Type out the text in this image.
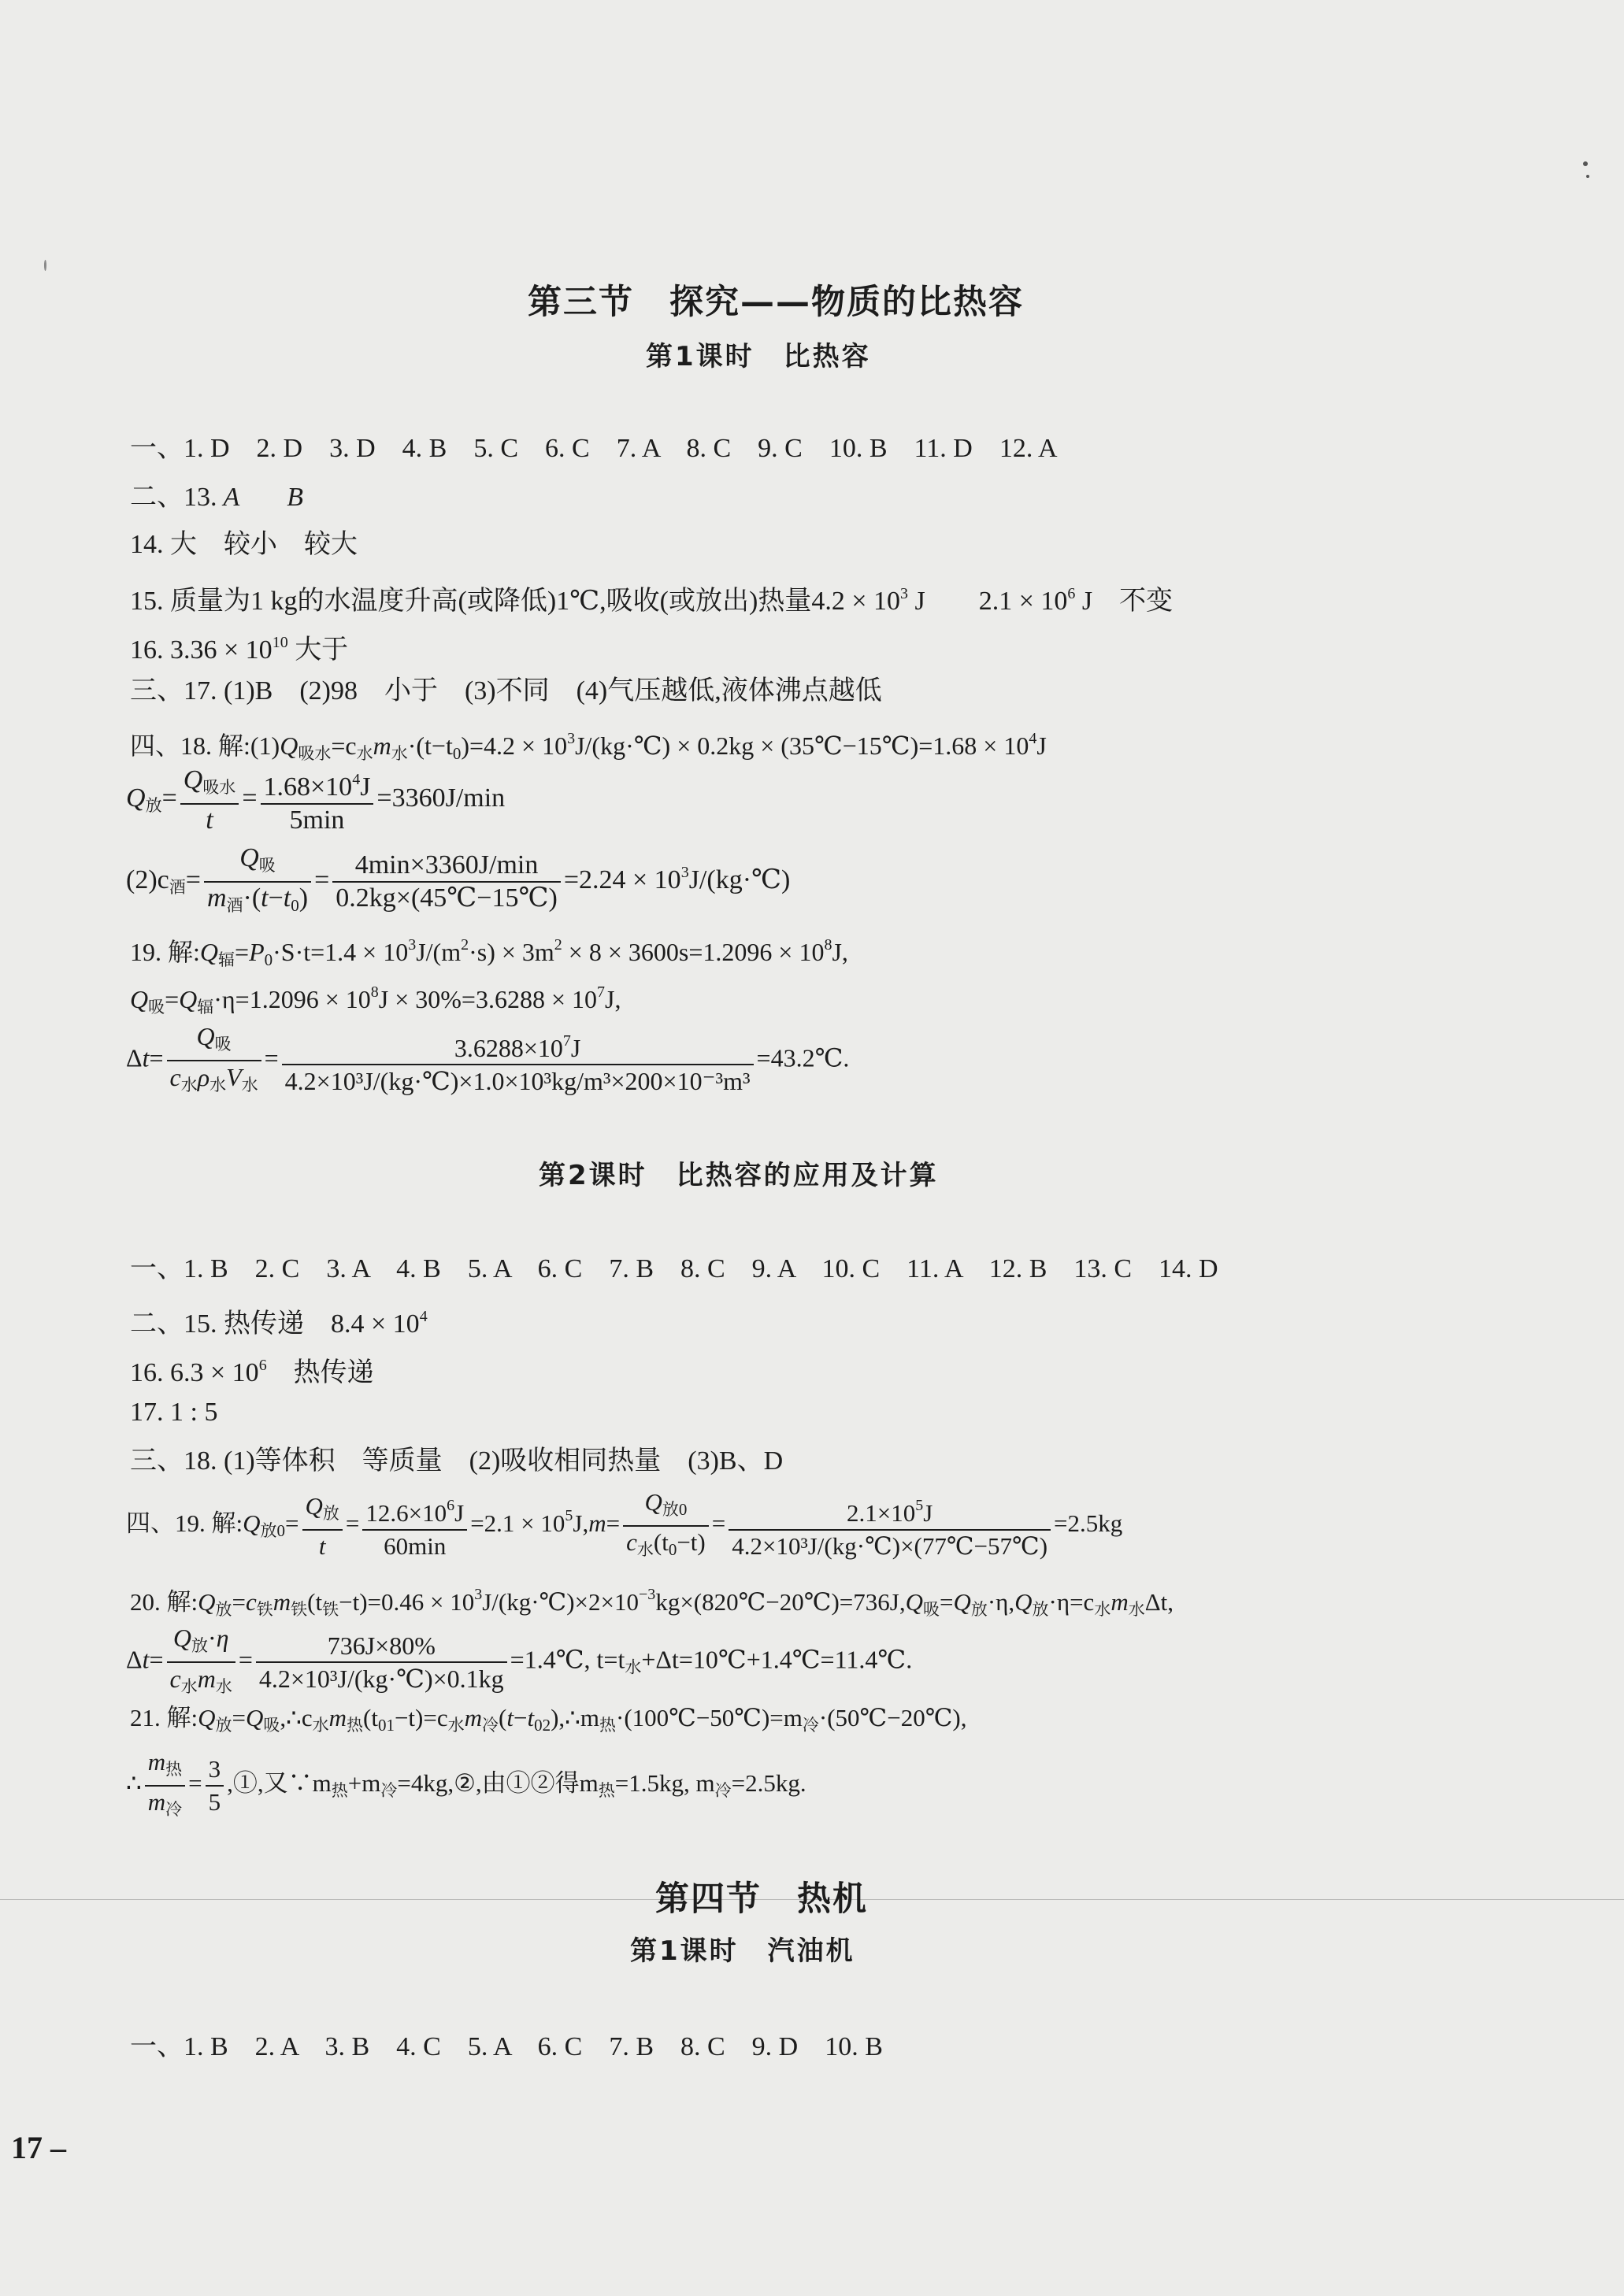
第三节　探究——物质的比热容
第1课时　比热容
一、1. D　2. D　3. D　4. B　5. C　6. C　7. A　8. C　9. C　10. B　11. D　12. A
二、13. A B
14. 大　较小　较大
15. 质量为1 kg的水温度升高(或降低)1℃,吸收(或放出)热量$4.2 \times 10^3$ J　　$2.1 \times 10^6$ J　不变
16. $3.36 \times 10^{10}$ 大于
三、17. (1)B　(2)98　小于　(3)不同　(4)气压越低,液体沸点越低
四、18. 解$:(1)Q_{吸水}=c_水m_水\cdot(t-t_0)=4.2$ × $10^3J/(kg\cdot℃) \times 0.2kg$ × (35℃−15℃)=1.68 × $10^4J$
$Q_放= \frac{Q_{吸水}}{t} = \frac{1.68\times 10^4J}{5\min} =3360J/\min$
$(2)c_酒= \frac{Q_吸}{m_酒\cdot(t-t_0)} = \frac{4\min\times 3360J/\min}{0.2kg\times(45℃-15℃)} =2.24$ × $10^3J/(kg\cdot℃)$
19. 解$:Q_辐=P_0\cdot S\cdot t=1.4 \times 10^3J/(m^2\cdot s) \times 3m^2 \times 8 \times 3600s=1.2096 \times 10^8J$,
$Q_吸=Q_辐\cdot\eta=1.2096 \times 10^8J \times 30\%=3.6288 \times 10^7J$,
$\Delta t= \frac{Q_吸}{c_水\rho_水V_水} = \frac{3.6288\times 10^7J}{\text{4.2×10³J/(kg·℃)×1.0×10³kg/m³×200×10⁻³m³}}$ =43.2℃.
第2课时　比热容的应用及计算
一、1. B　2. C　3. A　4. B　5. A　6. C　7. B　8. C　9. A　10. C　11. A　12. B　13. C　14. D
二、15. 热传递　$8.4 \times 10^4$
16. $6.3 \times 10^6$　热传递
17. 1 : 5
三、18. (1)等体积　等质量　(2)吸收相同热量　(3)B、D
四、19. 解$:Q_{放0}= \frac{Q_放}{t} = \frac{12.6\times 10^6J}{60\min} =2.1 \times 10^5J,m= \frac{Q_{放0}}{c_水(t_0-t)} = \frac{2.1\times 10^5J}{\text{4.2×10³J/(kg·℃)×(77℃−57℃)}} =2.5kg$
20. 解$:Q_放=c_铁m_铁(t_铁-t)=0.46$ × $10^3J/(kg\cdot℃)\times 2\times 10^{-3}kg\times(820℃-20℃)=736J,Q_吸=Q_放\cdot\eta,Q_放\cdot\eta=c_水m_水\Delta t$,
$\Delta t= \frac{Q_放\cdot\eta}{c_水m_水} = \frac{736J\times 80\%}{\text{4.2×10³J/(kg·℃)×0.1kg}}$ =1.4℃, $t=t_水+\Delta t=10℃+1.4℃=11.4℃$.
21. 解$:Q_放=Q_吸,\therefore c_水m_热(t_{01}-t)=c_水m_冷(t-t_{02}),\therefore m_热\cdot(100℃-50℃)=m_冷\cdot(50℃-20℃)$,
∴ $\frac{m_热}{m_冷} = \frac{3}{5}$ ,①,又$\because m_热+m_冷=4kg,②$,由①②得$m_热=1.5kg$, $m_冷=2.5kg$.
第四节　热机
第1课时　汽油机
一、1. B　2. A　3. B　4. C　5. A　6. C　7. B　8. C　9. D　10. B
17 –
